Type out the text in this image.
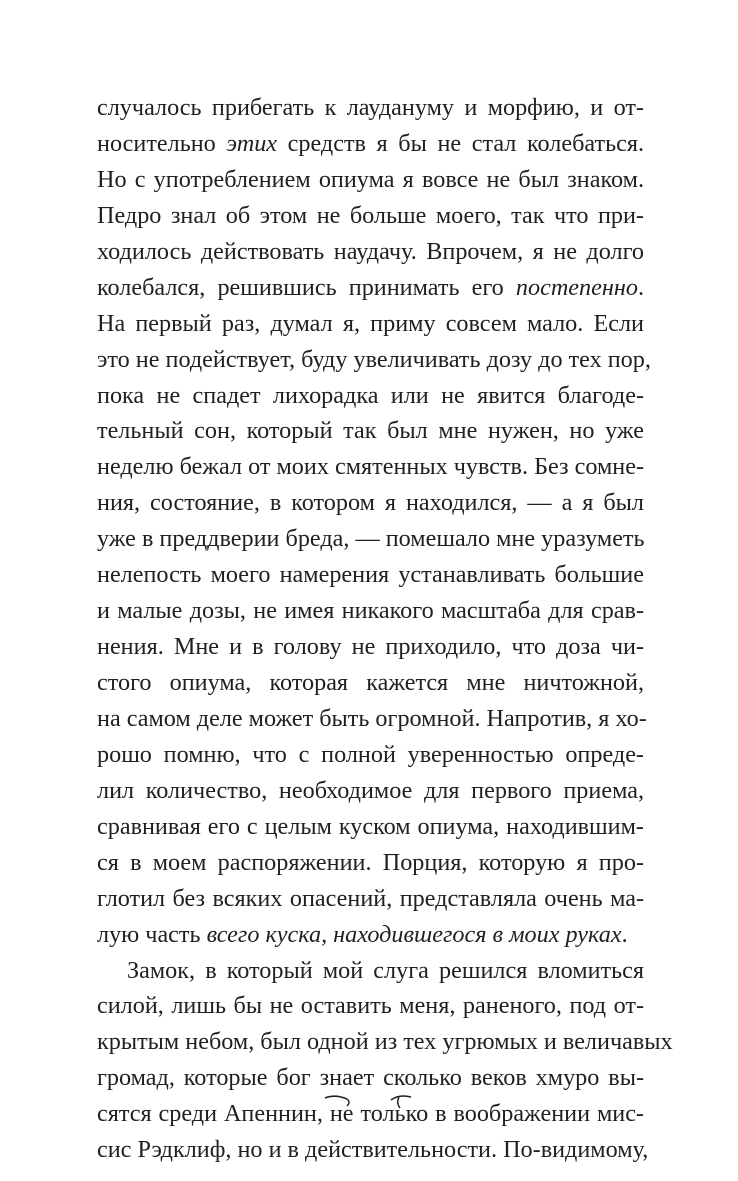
случалось прибегать к лаудануму и морфию, и от-
носительно этих средств я бы не стал колебаться.
Но с употреблением опиума я вовсе не был знаком.
Педро знал об этом не больше моего, так что при-
ходилось действовать наудачу. Впрочем, я не долго
колебался, решившись принимать его постепенно.
На первый раз, думал я, приму совсем мало. Если
это не подействует, буду увеличивать дозу до тех пор,
пока не спадет лихорадка или не явится благоде-
тельный сон, который так был мне нужен, но уже
неделю бежал от моих смятенных чувств. Без сомне-
ния, состояние, в котором я находился, — а я был
уже в преддверии бреда, — помешало мне уразуметь
нелепость моего намерения устанавливать большие
и малые дозы, не имея никакого масштаба для срав-
нения. Мне и в голову не приходило, что доза чи-
стого опиума, которая кажется мне ничтожной,
на самом деле может быть огромной. Напротив, я хо-
рошо помню, что с полной уверенностью опреде-
лил количество, необходимое для первого приема,
сравнивая его с целым куском опиума, находившим-
ся в моем распоряжении. Порция, которую я про-
глотил без всяких опасений, представляла очень ма-
лую часть всего куска, находившегося в моих руках.
Замок, в который мой слуга решился вломиться
силой, лишь бы не оставить меня, раненого, под от-
крытым небом, был одной из тех угрюмых и величавых
громад, которые бог знает сколько веков хмуро вы-
сятся среди Апеннин, не только в воображении мис-
сис Рэдклиф, но и в действительности. По-видимому,
